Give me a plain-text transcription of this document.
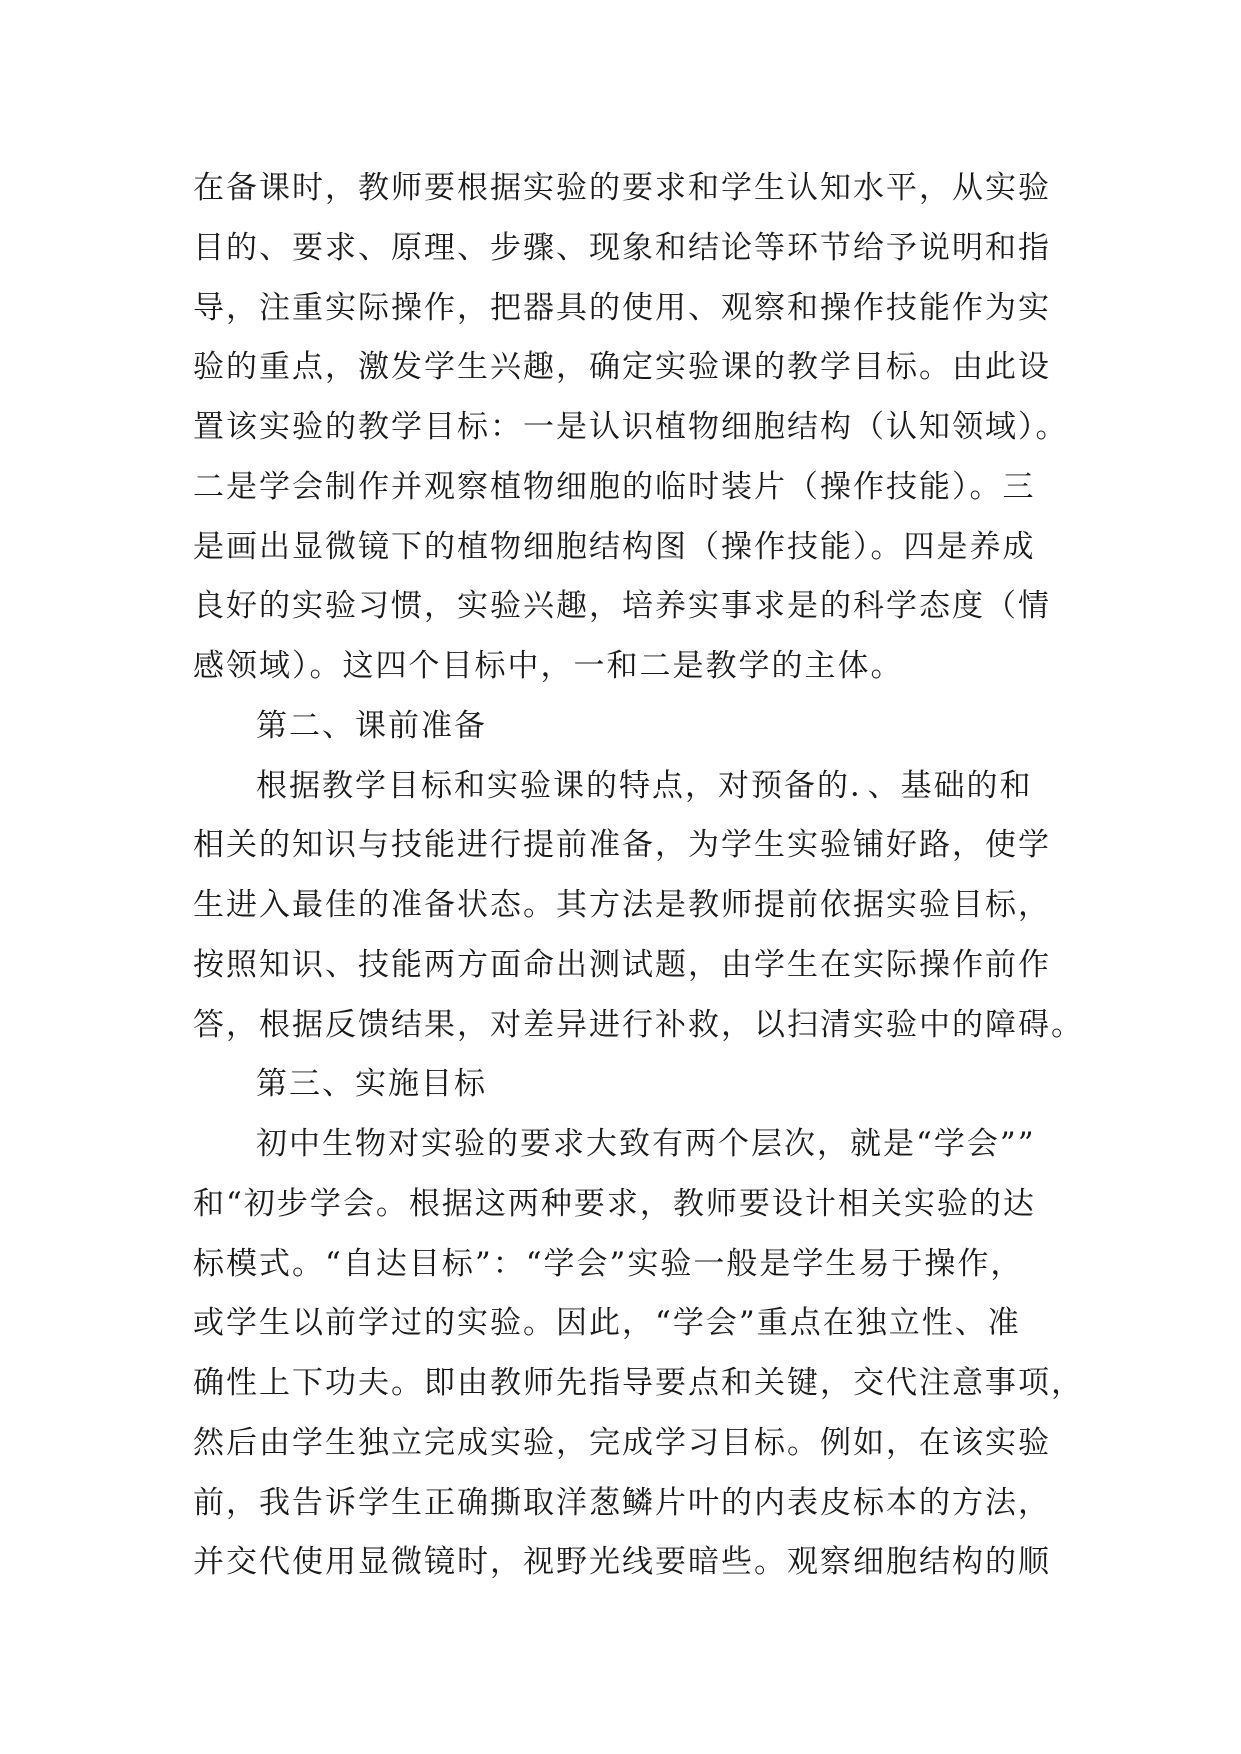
在备课时，教师要根据实验的要求和学生认知水平，从实验
目的、要求、原理、步骤、现象和结论等环节给予说明和指
导，注重实际操作，把器具的使用、观察和操作技能作为实
验的重点，激发学生兴趣，确定实验课的教学目标。由此设
置该实验的教学目标：一是认识植物细胞结构（认知领域）。
二是学会制作并观察植物细胞的临时装片（操作技能）。三
是画出显微镜下的植物细胞结构图（操作技能）。四是养成
良好的实验习惯，实验兴趣，培养实事求是的科学态度（情
感领域）。这四个目标中，一和二是教学的主体。
第二、课前准备
根据教学目标和实验课的特点，对预备的．、基础的和
相关的知识与技能进行提前准备，为学生实验铺好路，使学
生进入最佳的准备状态。其方法是教师提前依据实验目标，
按照知识、技能两方面命出测试题，由学生在实际操作前作
答，根据反馈结果，对差异进行补救，以扫清实验中的障碍。
第三、实施目标
初中生物对实验的要求大致有两个层次，就是“学会””
和“初步学会。根据这两种要求，教师要设计相关实验的达
标模式。“自达目标”：“学会”实验一般是学生易于操作，
或学生以前学过的实验。因此，“学会”重点在独立性、准
确性上下功夫。即由教师先指导要点和关键，交代注意事项，
然后由学生独立完成实验，完成学习目标。例如，在该实验
前，我告诉学生正确撕取洋葱鳞片叶的内表皮标本的方法，
并交代使用显微镜时，视野光线要暗些。观察细胞结构的顺
